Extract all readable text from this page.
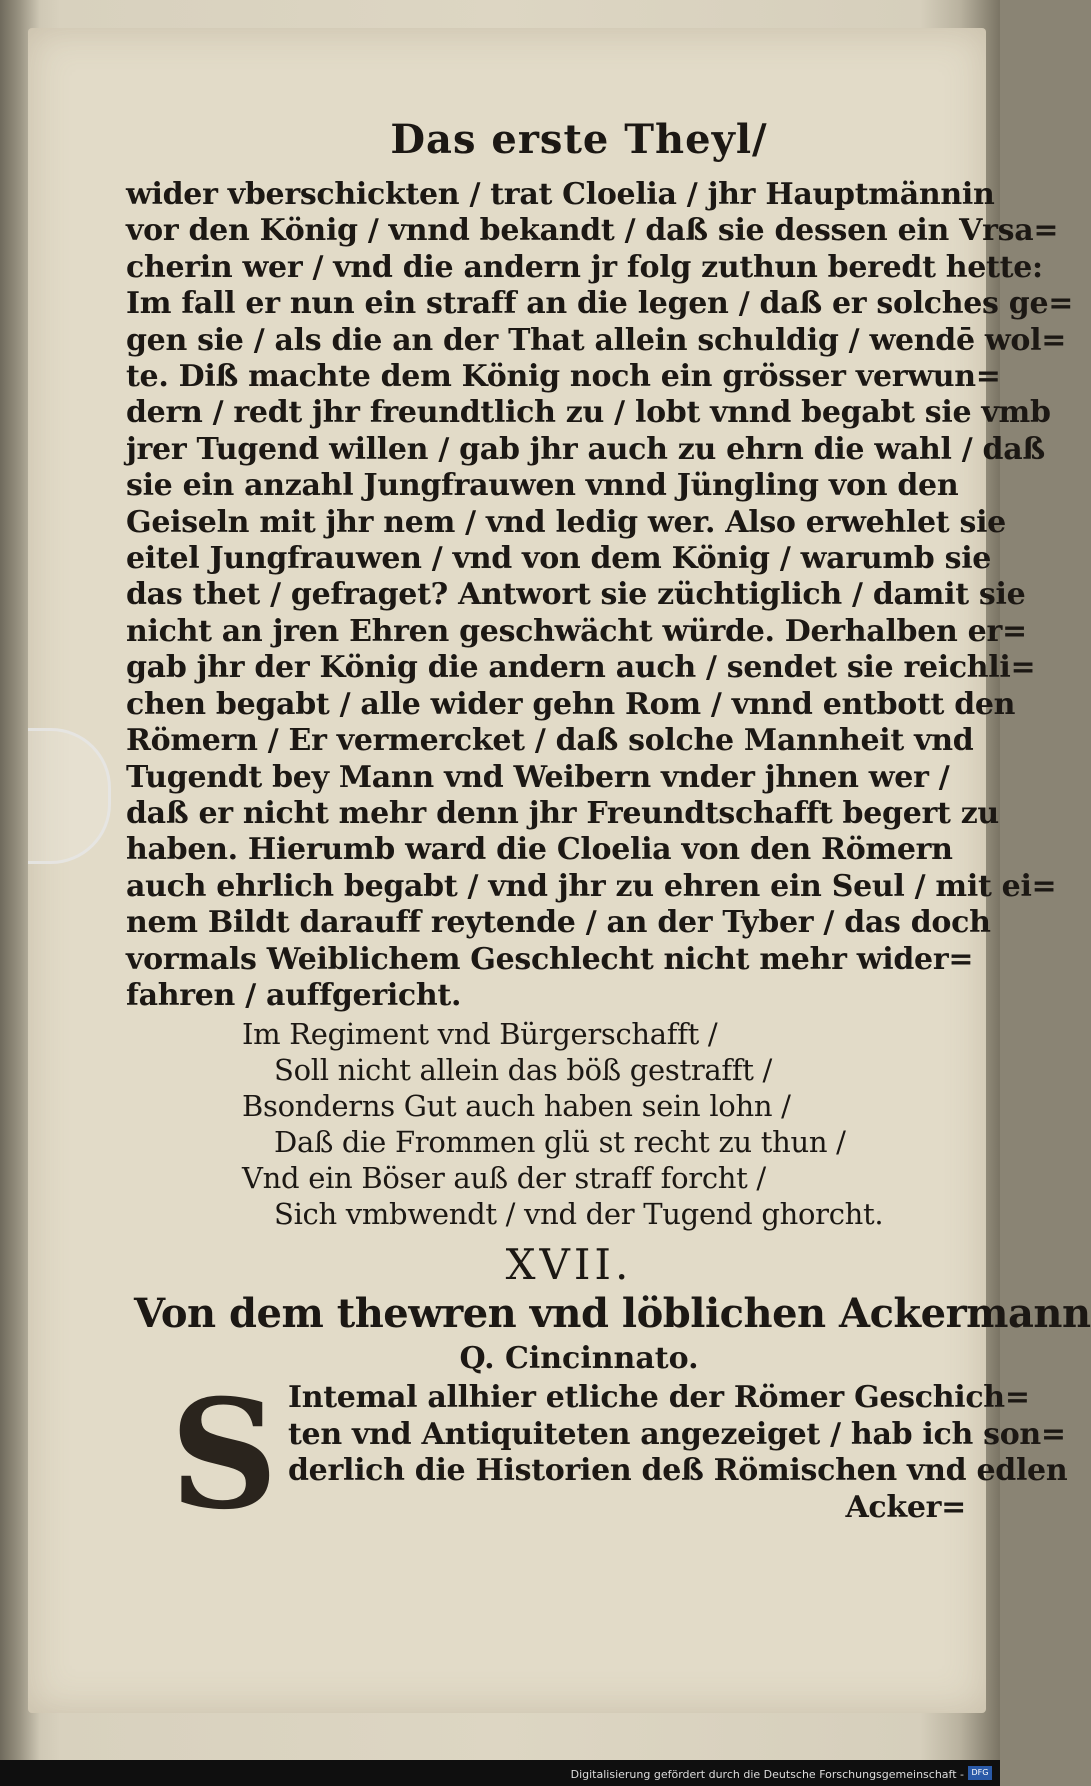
Das erste Theyl/
wider vberschickten / trat Cloelia / jhr Hauptmännin
vor den König / vnnd bekandt / daß sie dessen ein Vrsa=
cherin wer / vnd die andern jr folg zuthun beredt hette:
Im fall er nun ein straff an die legen / daß er solches ge=
gen sie / als die an der That allein schuldig / wendē wol=
te. Diß machte dem König noch ein grösser verwun=
dern / redt jhr freundtlich zu / lobt vnnd begabt sie vmb
jrer Tugend willen / gab jhr auch zu ehrn die wahl / daß
sie ein anzahl Jungfrauwen vnnd Jüngling von den
Geiseln mit jhr nem / vnd ledig wer. Also erwehlet sie
eitel Jungfrauwen / vnd von dem König / warumb sie
das thet / gefraget? Antwort sie züchtiglich / damit sie
nicht an jren Ehren geschwächt würde. Derhalben er=
gab jhr der König die andern auch / sendet sie reichli=
chen begabt / alle wider gehn Rom / vnnd entbott den
Römern / Er vermercket / daß solche Mannheit vnd
Tugendt bey Mann vnd Weibern vnder jhnen wer /
daß er nicht mehr denn jhr Freundtschafft begert zu
haben. Hierumb ward die Cloelia von den Römern
auch ehrlich begabt / vnd jhr zu ehren ein Seul / mit ei=
nem Bildt darauff reytende / an der Tyber / das doch
vormals Weiblichem Geschlecht nicht mehr wider=
fahren / auffgericht.
Im Regiment vnd Bürgerschafft /
Soll nicht allein das böß gestrafft /
Bsonderns Gut auch haben sein lohn /
Daß die Frommen glü st recht zu thun /
Vnd ein Böser auß der straff forcht /
Sich vmbwendt / vnd der Tugend ghorcht.
XVII.
Von dem thewren vnd löblichen Ackermann
Q. Cincinnato.
S Intemal allhier etliche der Römer Geschich=
ten vnd Antiquiteten angezeiget / hab ich son=
derlich die Historien deß Römischen vnd edlen
Acker=
Digitalisierung gefördert durch die Deutsche Forschungsgemeinschaft - DFG
